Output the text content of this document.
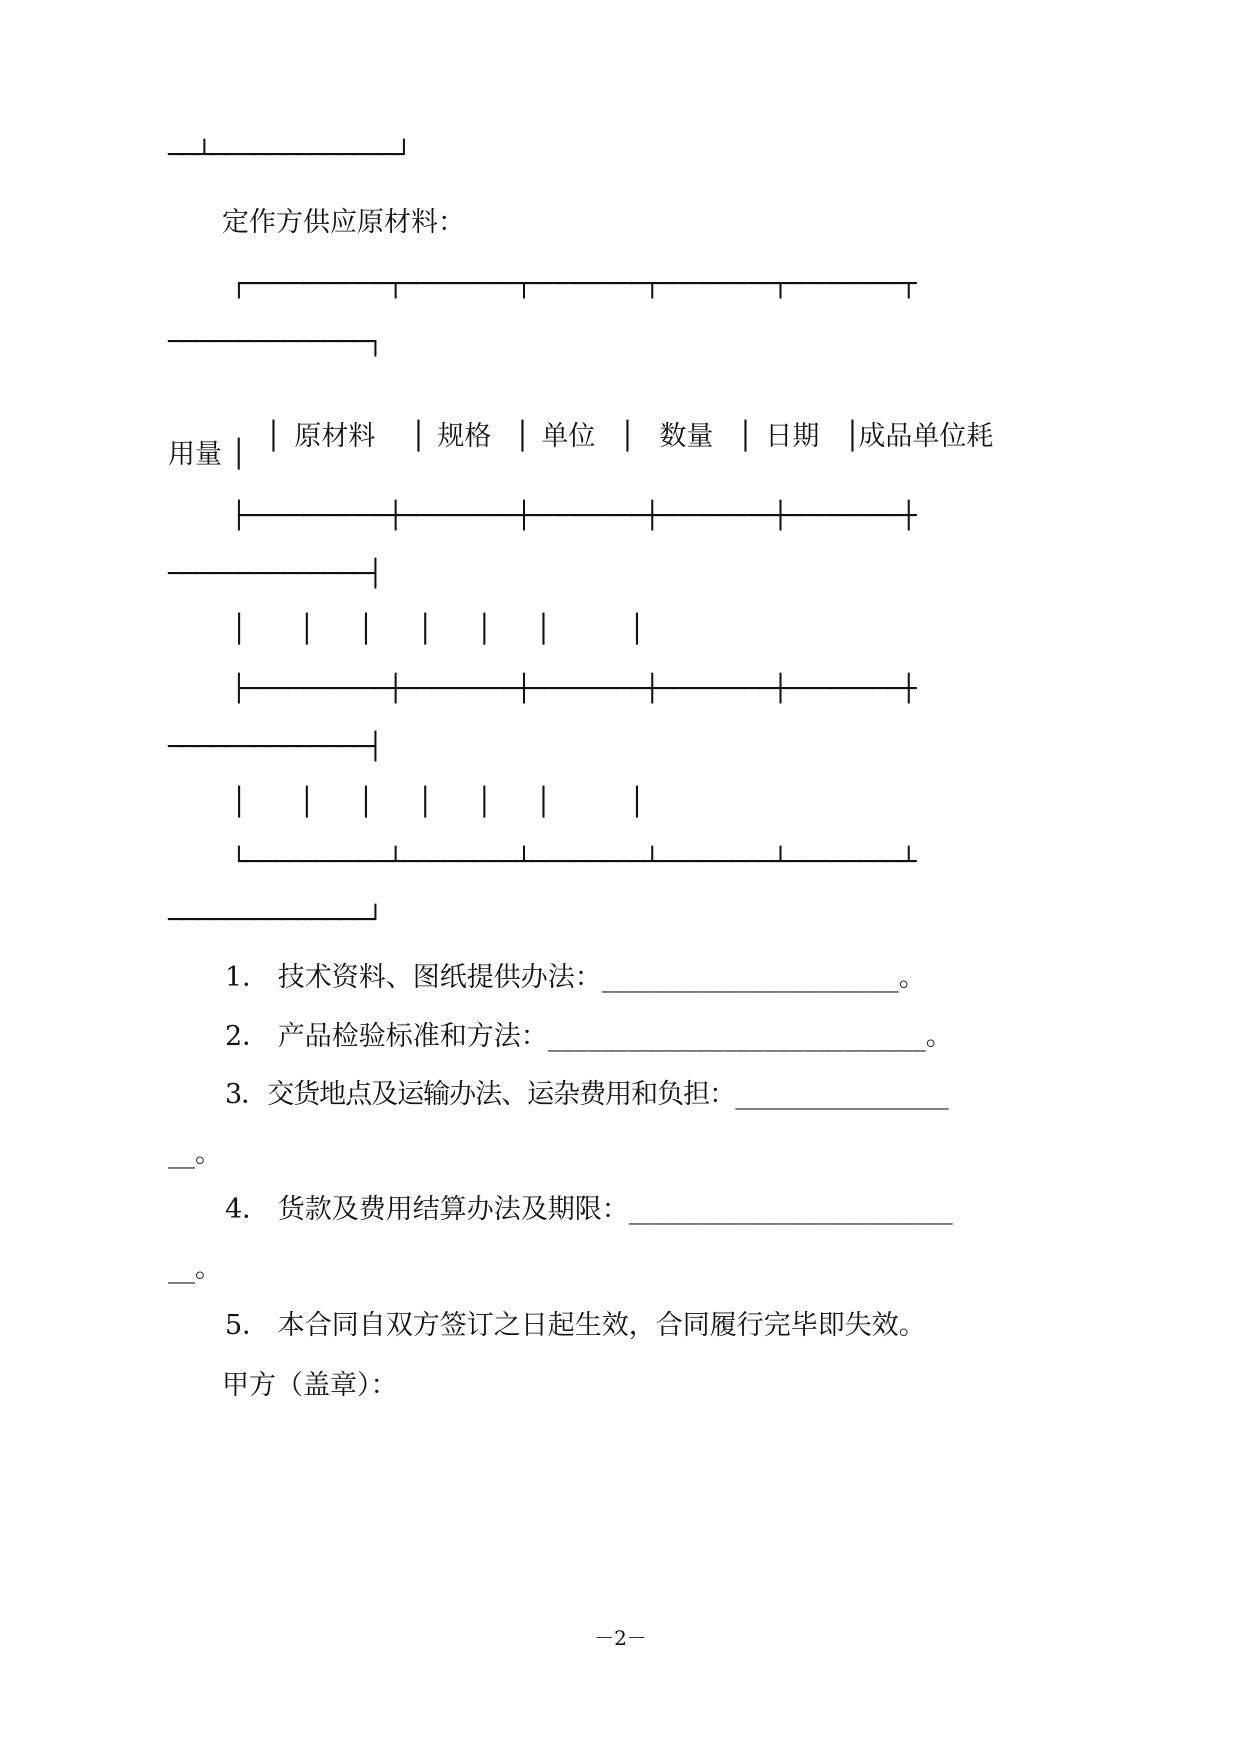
──┴─────────────┘
定作方供应原材料：
┌──────────┬────────┬────────┬────────┬────────┬
──────────────┐

│ 原材料 │ 规格 │ 单位 │ 数量 │ 日期 │成品单位耗

用量 │
├──────────┼────────┼────────┼────────┼────────┼
──────────────┤
│      │     │     │     │     │         │
├──────────┼────────┼────────┼────────┼────────┼
──────────────┤
│      │     │     │     │     │         │
└──────────┴────────┴────────┴────────┴────────┴
──────────────┘
1． 技术资料、图纸提供办法：______________________。
2． 产品检验标准和方法：____________________________。
3．交货地点及运输办法、运杂费用和负担：_________________
__。
4． 货款及费用结算办法及期限：________________________
__。
5． 本合同自双方签订之日起生效，合同履行完毕即失效。
甲方（盖章）：
－2－
